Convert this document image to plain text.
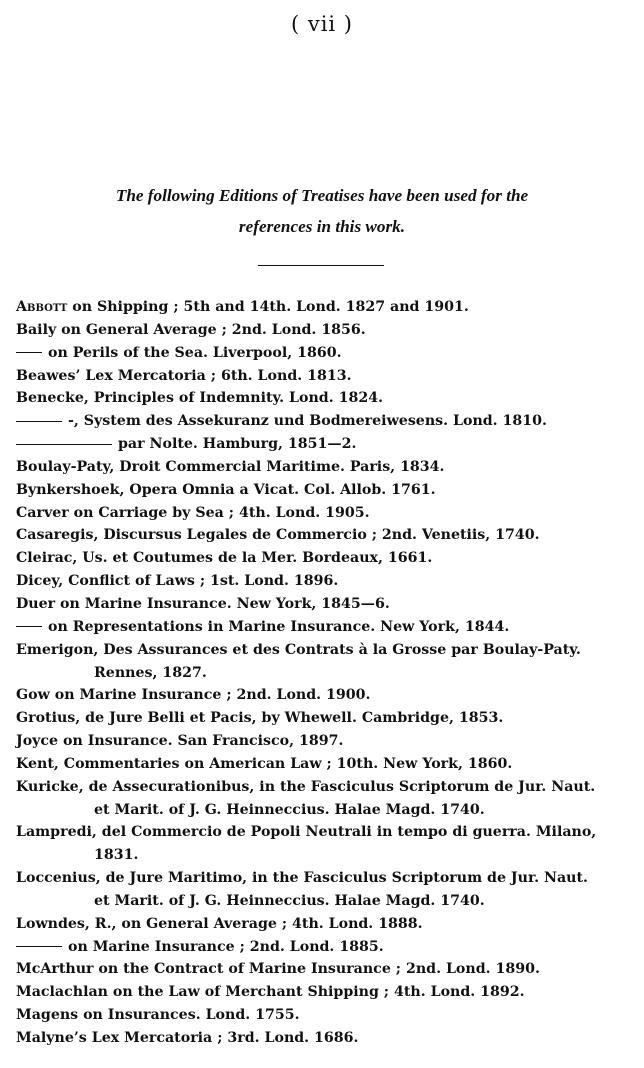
( vii )
The following Editions of Treatises have been used for the
references in this work.
Abbott on Shipping ; 5th and 14th. Lond. 1827 and 1901.
Baily on General Average ; 2nd. Lond. 1856.
on Perils of the Sea. Liverpool, 1860.
Beawes’ Lex Mercatoria ; 6th. Lond. 1813.
Benecke, Principles of Indemnity. Lond. 1824.
-, System des Assekuranz und Bodmereiwesens. Lond. 1810.
par Nolte. Hamburg, 1851—2.
Boulay-Paty, Droit Commercial Maritime. Paris, 1834.
Bynkershoek, Opera Omnia a Vicat. Col. Allob. 1761.
Carver on Carriage by Sea ; 4th. Lond. 1905.
Casaregis, Discursus Legales de Commercio ; 2nd. Venetiis, 1740.
Cleirac, Us. et Coutumes de la Mer. Bordeaux, 1661.
Dicey, Conflict of Laws ; 1st. Lond. 1896.
Duer on Marine Insurance. New York, 1845—6.
on Representations in Marine Insurance. New York, 1844.
Emerigon, Des Assurances et des Contrats à la Grosse par Boulay-Paty.
Rennes, 1827.
Gow on Marine Insurance ; 2nd. Lond. 1900.
Grotius, de Jure Belli et Pacis, by Whewell. Cambridge, 1853.
Joyce on Insurance. San Francisco, 1897.
Kent, Commentaries on American Law ; 10th. New York, 1860.
Kuricke, de Assecurationibus, in the Fasciculus Scriptorum de Jur. Naut.
et Marit. of J. G. Heinneccius. Halae Magd. 1740.
Lampredi, del Commercio de Popoli Neutrali in tempo di guerra. Milano,
1831.
Loccenius, de Jure Maritimo, in the Fasciculus Scriptorum de Jur. Naut.
et Marit. of J. G. Heinneccius. Halae Magd. 1740.
Lowndes, R., on General Average ; 4th. Lond. 1888.
on Marine Insurance ; 2nd. Lond. 1885.
McArthur on the Contract of Marine Insurance ; 2nd. Lond. 1890.
Maclachlan on the Law of Merchant Shipping ; 4th. Lond. 1892.
Magens on Insurances. Lond. 1755.
Malyne’s Lex Mercatoria ; 3rd. Lond. 1686.
